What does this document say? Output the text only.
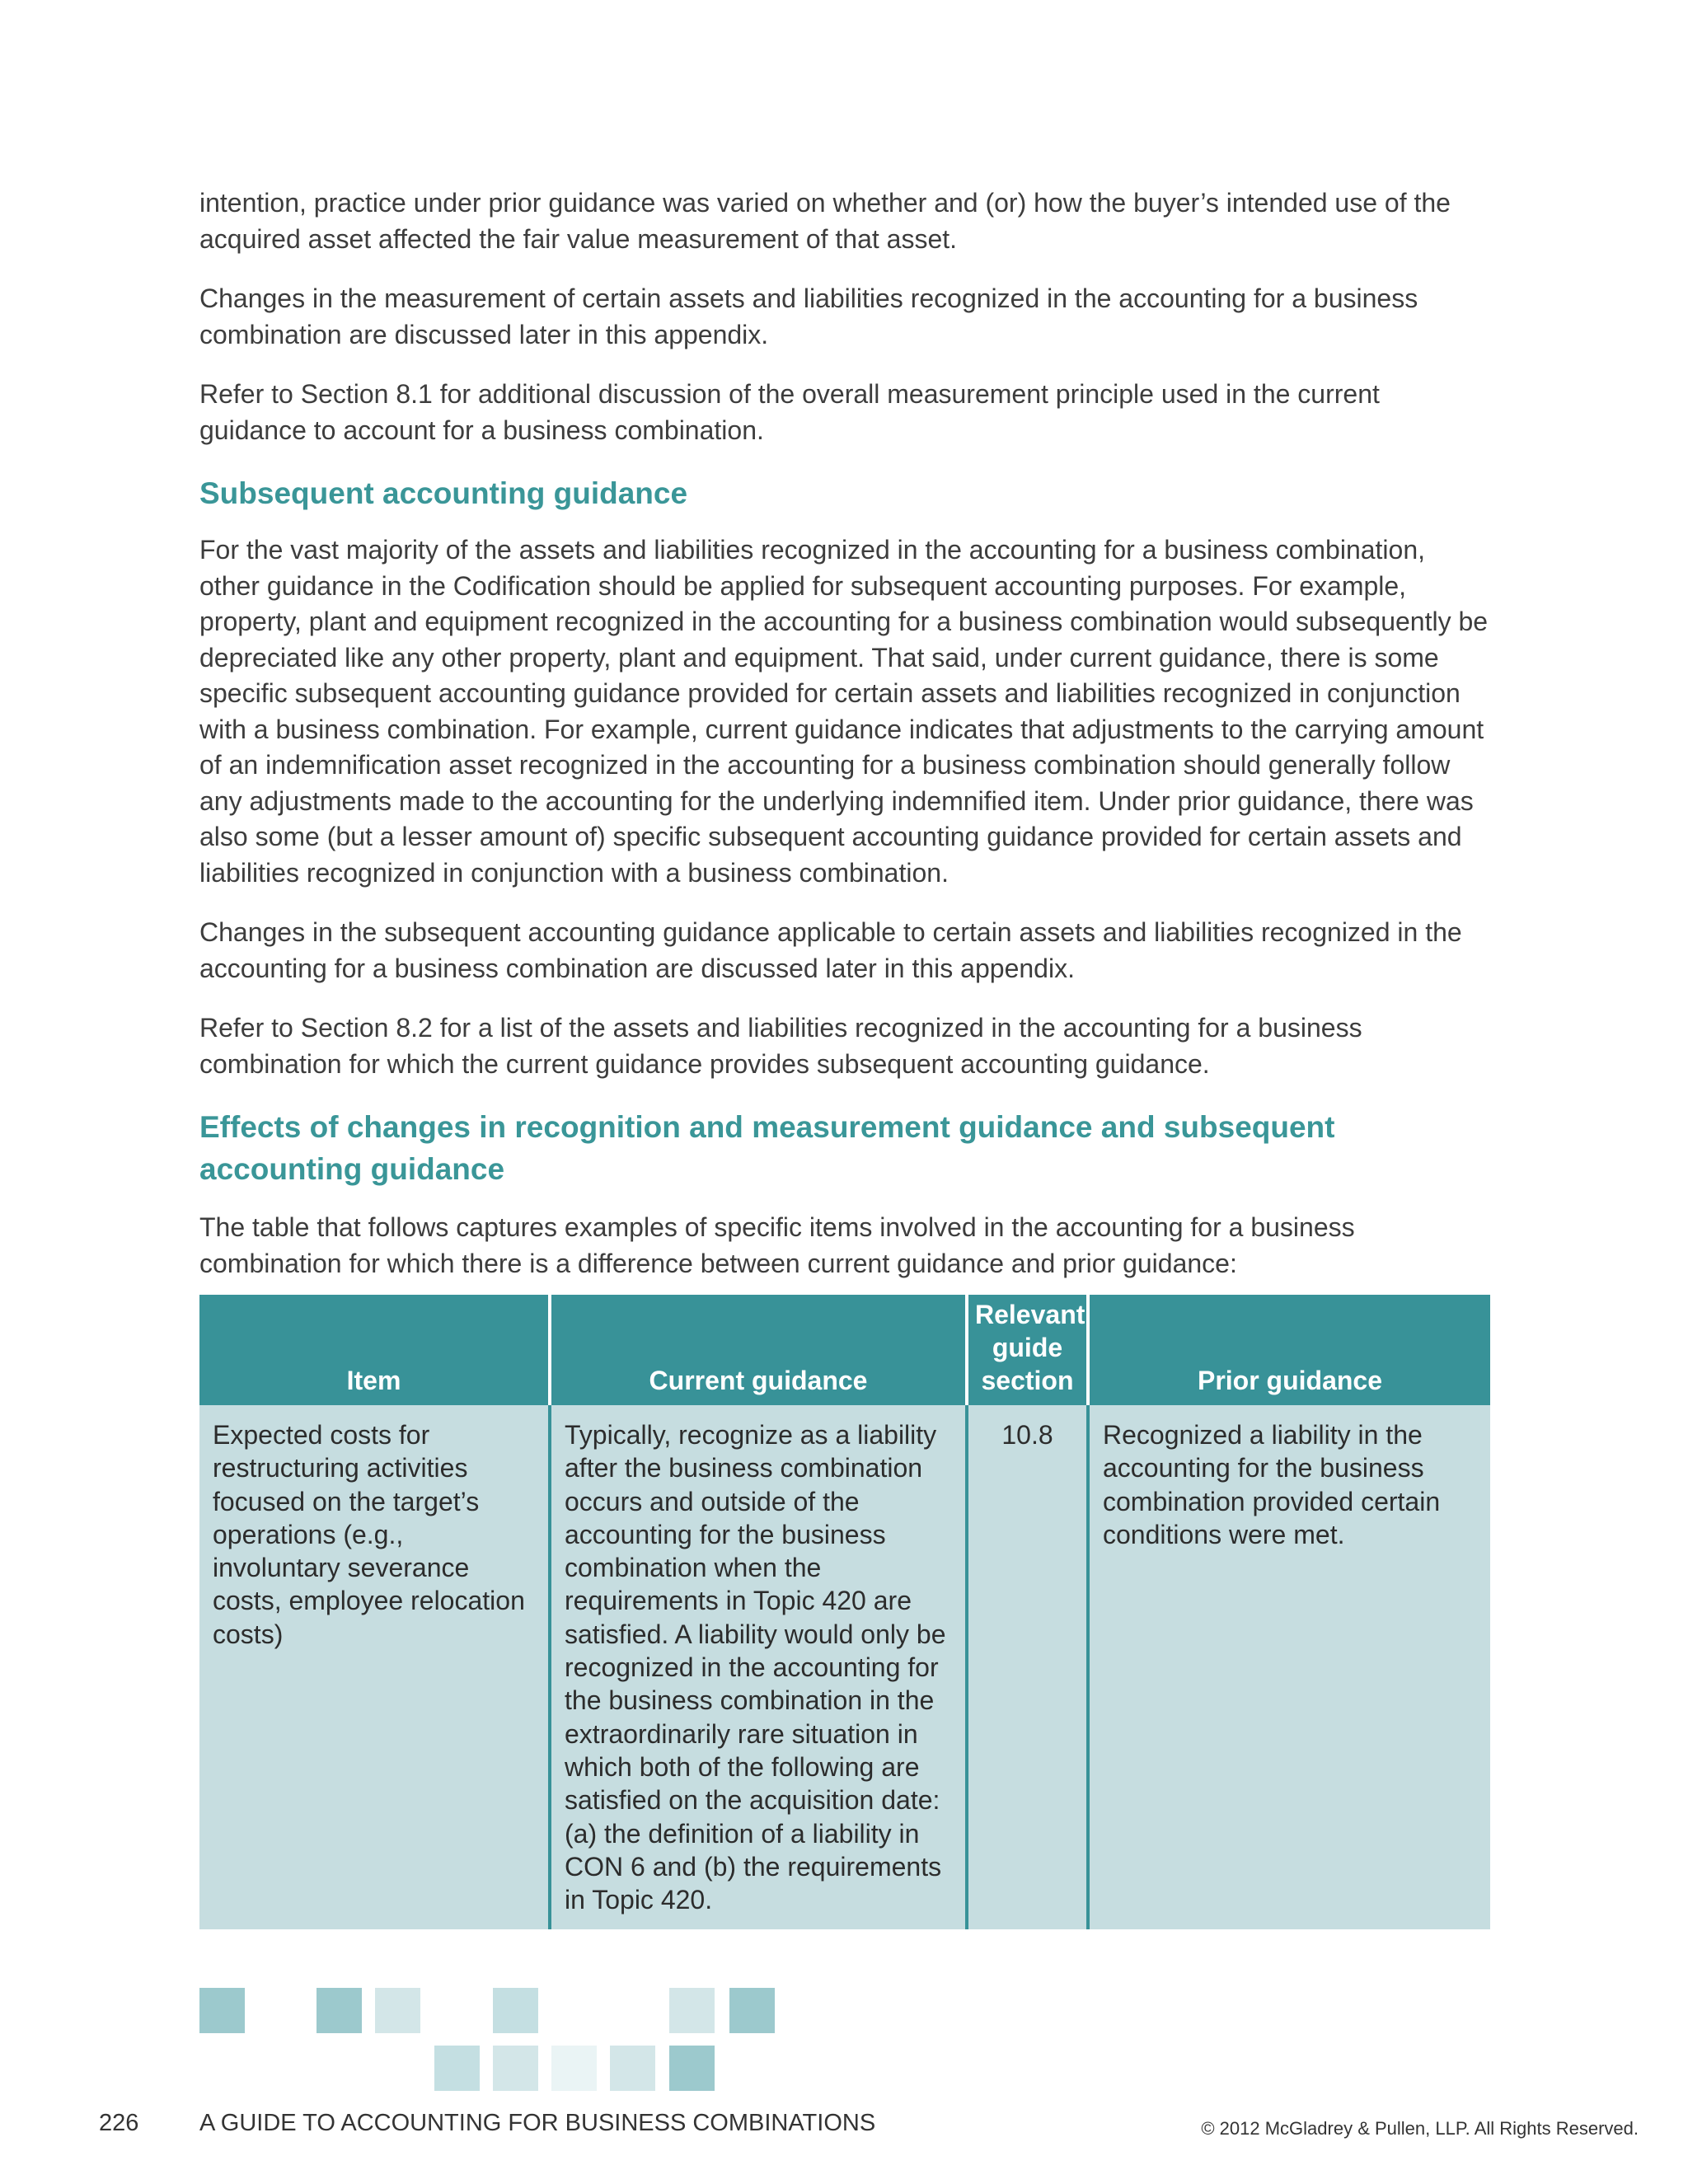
intention, practice under prior guidance was varied on whether and (or) how the buyer’s intended use of the acquired asset affected the fair value measurement of that asset.

Changes in the measurement of certain assets and liabilities recognized in the accounting for a business combination are discussed later in this appendix.

Refer to Section 8.1 for additional discussion of the overall measurement principle used in the current guidance to account for a business combination.

Subsequent accounting guidance

For the vast majority of the assets and liabilities recognized in the accounting for a business combination, other guidance in the Codification should be applied for subsequent accounting purposes. For example, property, plant and equipment recognized in the accounting for a business combination would subsequently be depreciated like any other property, plant and equipment. That said, under current guidance, there is some specific subsequent accounting guidance provided for certain assets and liabilities recognized in conjunction with a business combination. For example, current guidance indicates that adjustments to the carrying amount of an indemnification asset recognized in the accounting for a business combination should generally follow any adjustments made to the accounting for the underlying indemnified item. Under prior guidance, there was also some (but a lesser amount of) specific subsequent accounting guidance provided for certain assets and liabilities recognized in conjunction with a business combination.

Changes in the subsequent accounting guidance applicable to certain assets and liabilities recognized in the accounting for a business combination are discussed later in this appendix.

Refer to Section 8.2 for a list of the assets and liabilities recognized in the accounting for a business combination for which the current guidance provides subsequent accounting guidance.

Effects of changes in recognition and measurement guidance and subsequent accounting guidance

The table that follows captures examples of specific items involved in the accounting for a business combination for which there is a difference between current guidance and prior guidance:

Item	Current guidance	Relevant guide section	Prior guidance
Expected costs for restructuring activities focused on the target’s operations (e.g., involuntary severance costs, employee relocation costs)	Typically, recognize as a liability after the business combination occurs and outside of the accounting for the business combination when the requirements in Topic 420 are satisfied. A liability would only be recognized in the accounting for the business combination in the extraordinarily rare situation in which both of the following are satisfied on the acquisition date: (a) the definition of a liability in CON 6 and (b) the requirements in Topic 420.	10.8	Recognized a liability in the accounting for the business combination provided certain conditions were met.
226	A GUIDE TO ACCOUNTING FOR BUSINESS COMBINATIONS	© 2012 McGladrey & Pullen, LLP. All Rights Reserved.
